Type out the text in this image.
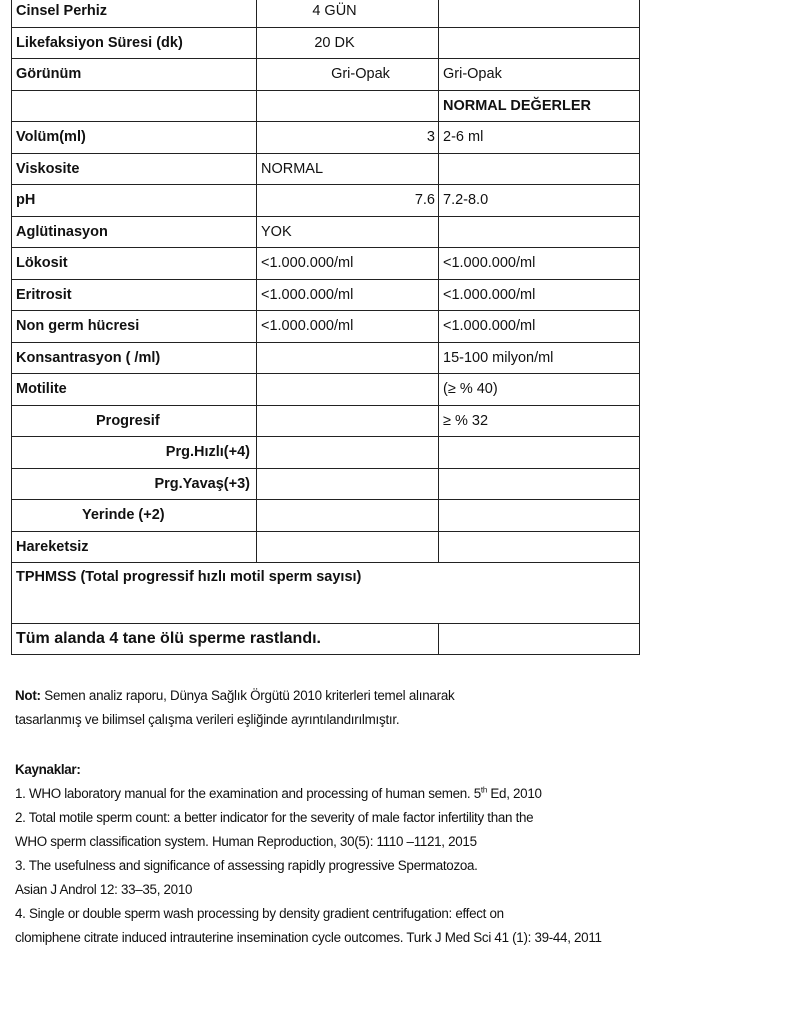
Cinsel Perhiz	4 GÜN	
Likefaksiyon Süresi (dk)	20 DK	
Görünüm	Gri-Opak	Gri-Opak
		NORMAL DEĞERLER
Volüm(ml)	3	2-6 ml
Viskosite	NORMAL	
pH	7.6	7.2-8.0
Aglütinasyon	YOK	
Lökosit	<1.000.000/ml	<1.000.000/ml
Eritrosit	<1.000.000/ml	<1.000.000/ml
Non germ hücresi	<1.000.000/ml	<1.000.000/ml
Konsantrasyon ( /ml)		15-100 milyon/ml
Motilite		(≥ % 40)
Progresif		≥ % 32
Prg.Hızlı(+4)		
Prg.Yavaş(+3)		
Yerinde (+2)		
Hareketsiz		
TPHMSS (Total progressif hızlı motil sperm sayısı)		
Tüm alanda 4 tane ölü sperme rastlandı.		

Not: Semen analiz raporu, Dünya Sağlık Örgütü 2010 kriterleri temel alınarak

tasarlanmış ve bilimsel çalışma verileri eşliğinde ayrıntılandırılmıştır.

Kaynaklar:

1. WHO laboratory manual for the examination and processing of human semen. 5th Ed, 2010

2. Total motile sperm count: a better indicator for the severity of male factor infertility than the

WHO sperm classification system. Human Reproduction, 30(5): 1110 –1121, 2015

3. The usefulness and significance of assessing rapidly progressive Spermatozoa.

Asian J Androl 12: 33–35, 2010

4. Single or double sperm wash processing by density gradient centrifugation: effect on

clomiphene citrate induced intrauterine insemination cycle outcomes. Turk J Med Sci 41 (1): 39-44, 2011
